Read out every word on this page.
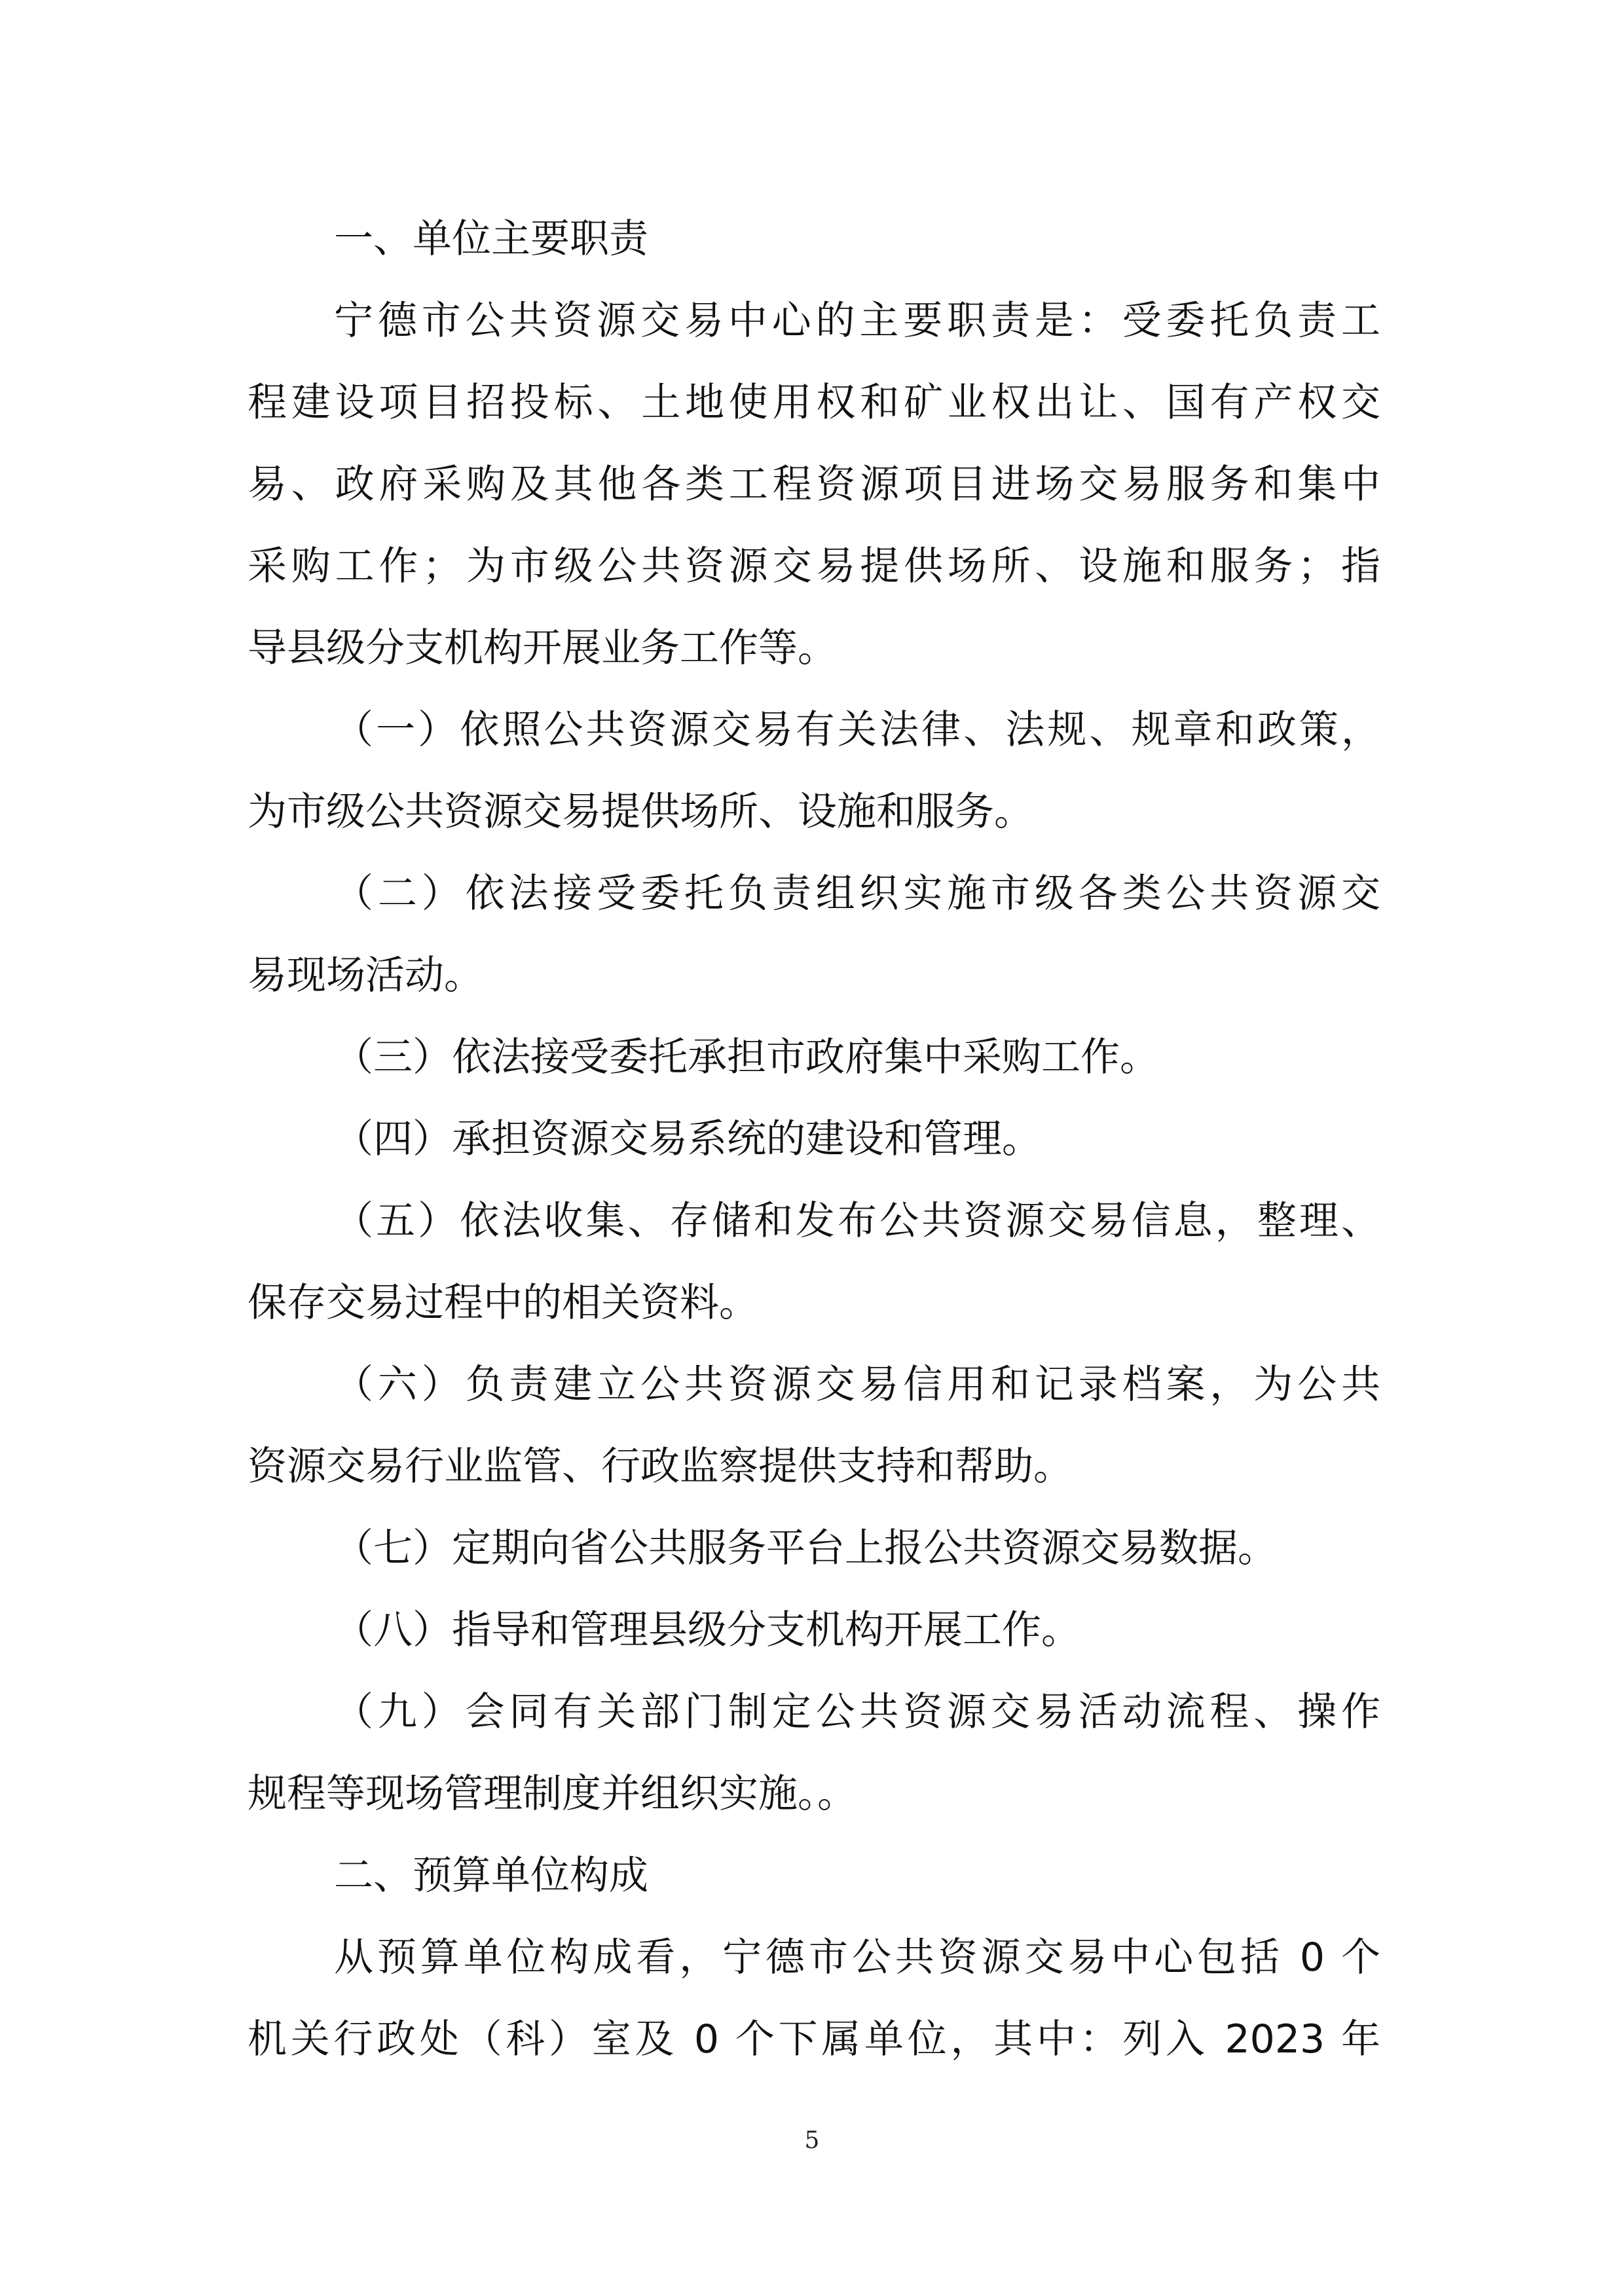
一、单位主要职责
宁德市公共资源交易中心的主要职责是：受委托负责工
程建设项目招投标、土地使用权和矿业权出让、国有产权交
易、政府采购及其他各类工程资源项目进场交易服务和集中
采购工作；为市级公共资源交易提供场所、设施和服务；指
导县级分支机构开展业务工作等。
（一）依照公共资源交易有关法律、法规、规章和政策，
为市级公共资源交易提供场所、设施和服务。
（二）依法接受委托负责组织实施市级各类公共资源交
易现场活动。
（三）依法接受委托承担市政府集中采购工作。
（四）承担资源交易系统的建设和管理。
（五）依法收集、存储和发布公共资源交易信息，整理、
保存交易过程中的相关资料。
（六）负责建立公共资源交易信用和记录档案，为公共
资源交易行业监管、行政监察提供支持和帮助。
（七）定期向省公共服务平台上报公共资源交易数据。
（八）指导和管理县级分支机构开展工作。
（九）会同有关部门制定公共资源交易活动流程、操作
规程等现场管理制度并组织实施。。
二、预算单位构成
从预算单位构成看，宁德市公共资源交易中心包括 0 个
机关行政处（科）室及 0 个下属单位，其中：列入 2023 年
5
